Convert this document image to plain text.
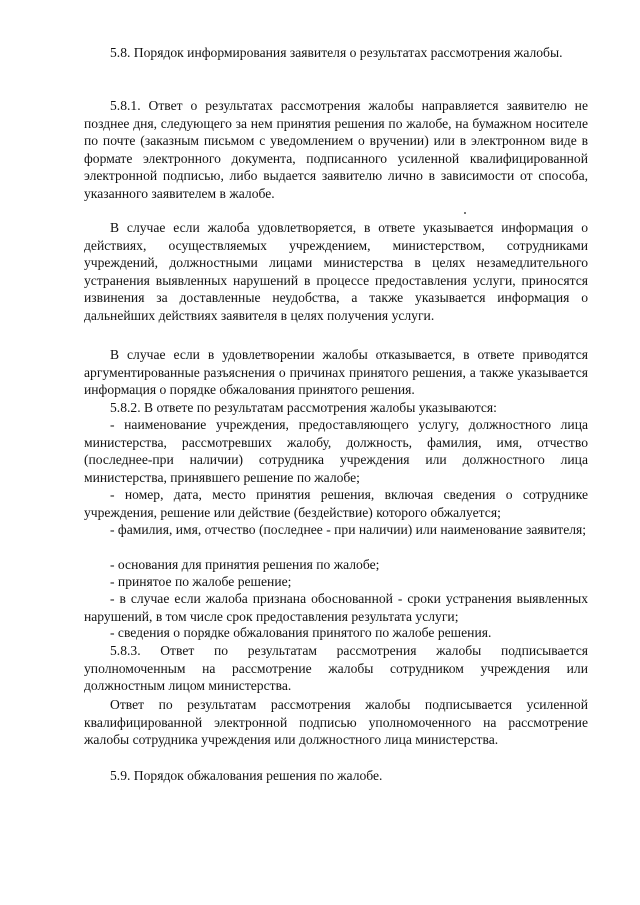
5.8. Порядок информирования заявителя о результатах рассмотрения жалобы.

5.8.1. Ответ о результатах рассмотрения жалобы направляется заявителю не позднее дня, следующего за нем принятия решения по жалобе, на бумажном носителе по почте (заказным письмом с уведомлением о вручении) или в электронном виде в формате электронного документа, подписанного усиленной квалифицированной электронной подписью, либо выдается заявителю лично в зависимости от способа, указанного заявителем в жалобе.

В случае если жалоба удовлетворяется, в ответе указывается информация о действиях, осуществляемых учреждением, министерством, сотрудниками учреждений, должностными лицами министерства в целях незамедлительного устранения выявленных нарушений в процессе предоставления услуги, приносятся извинения за доставленные неудобства, а также указывается информация о дальнейших действиях заявителя в целях получения услуги.

В случае если в удовлетворении жалобы отказывается, в ответе приводятся аргументированные разъяснения о причинах принятого решения, а также указывается информация о порядке обжалования принятого решения.

5.8.2. В ответе по результатам рассмотрения жалобы указываются:

- наименование учреждения, предоставляющего услугу, должностного лица министерства, рассмотревших жалобу, должность, фамилия, имя, отчество (последнее-при наличии) сотрудника учреждения или должностного лица министерства, принявшего решение по жалобе;

- номер, дата, место принятия решения, включая сведения о сотруднике учреждения, решение или действие (бездействие) которого обжалуется;

- фамилия, имя, отчество (последнее - при наличии) или наименование заявителя;

- основания для принятия решения по жалобе;

- принятое по жалобе решение;

- в случае если жалоба признана обоснованной - сроки устранения выявленных нарушений, в том числе срок предоставления результата услуги;

- сведения о порядке обжалования принятого по жалобе решения.

5.8.3. Ответ по результатам рассмотрения жалобы подписывается уполномоченным на рассмотрение жалобы сотрудником учреждения или должностным лицом министерства.

Ответ по результатам рассмотрения жалобы подписывается усиленной квалифицированной электронной подписью уполномоченного на рассмотрение жалобы сотрудника учреждения или должностного лица министерства.

5.9. Порядок обжалования решения по жалобе.
